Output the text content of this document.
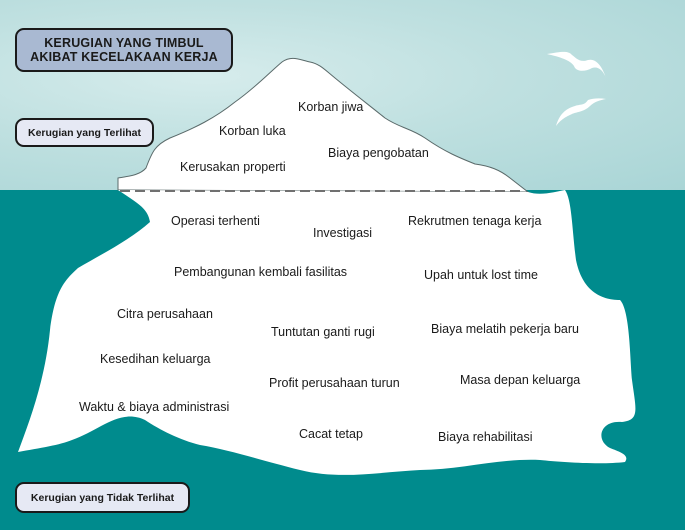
KERUGIAN YANG TIMBUL
AKIBAT KECELAKAAN KERJA
Kerugian yang Terlihat
Kerugian yang Tidak Terlihat
Korban jiwa
Korban luka
Biaya pengobatan
Kerusakan properti
Operasi terhenti
Investigasi
Rekrutmen tenaga kerja
Pembangunan kembali fasilitas	Upah untuk lost time
Citra perusahaan
Tuntutan ganti rugi	Biaya melatih pekerja baru
Kesedihan keluarga
Profit perusahaan turun	Masa depan keluarga
Waktu & biaya administrasi
Cacat tetap	Biaya rehabilitasi
